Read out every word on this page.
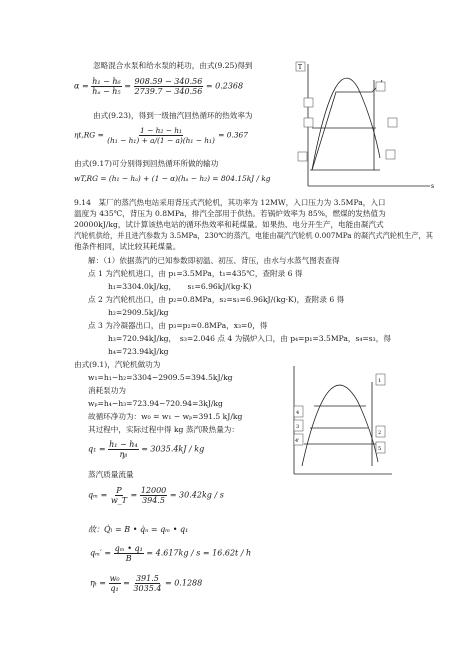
忽略混合水泵和给水泵的耗功，由式(9.25)得到
$\alpha = \frac{\text{h₁ − h₆}}{\text{hₐ − h₅}} = \frac{908.59 - 340.56}{2739.7 - 340.56} = 0.2368$
由式(9.23)，得到一级抽汽回热循环的热效率为
$\eta t,RG = \frac{\text{1 − h₂ − h₁}}{\text{(h₁ − h₁) + a/(1 − a)(h₁ − h₁)}} = 0.367$
由式(9.17)可分别得到回热循环所做的输功
wT,RG = (h₁ − hₐ) + (1 − α)(hₐ − h₂) = 804.15kJ / kg
T
s
9.14　某厂的蒸汽热电站采用背压式汽轮机，其功率为 12MW，入口压力为 3.5MPa，入口
温度为 435℃，背压为 0.8MPa，排汽全部用于供热。若锅炉效率为 85%，燃煤的发热值为
20000kJ/kg，试计算该热电站的循环热效率和耗煤量。如果热、电分开生产，电能由凝汽式
汽轮机供给，并且进汽参数为 3.5MPa，230℃的蒸汽，电能由凝汽汽轮机 0.007MPa 的凝汽式汽轮机生产，其
他条件相同，试比较其耗煤量。
解：（1）依据蒸汽的已知参数即初温、初压、背压，由水与水蒸气图表查得
点 1 为汽轮机进口，由 p₁=3.5MPa，t₁=435℃，查附录 6 得
h₁=3304.0kJ/kg，　　s₁=6.96kJ/(kg·K)
点 2 为汽轮机出口，由 p₂=0.8MPa，s₂=s₁=6.96kJ/(kg·K)，查附录 6 得
h₂=2909.5kJ/kg
点 3 为冷凝器出口，由 p₃=p₂=0.8MPa，x₃=0，得
h₃=720.94kJ/kg，　s₃=2.046 点 4 为锅炉入口，由 p₄=p₁=3.5MPa，s₄=s₃，得
h₄=723.94kJ/kg
由式(9.1)，汽轮机做功为
w₁=h₁−h₂=3304−2909.5=394.5kJ/kg
消耗泵功为
wₚ=h₄−h₃=723.94−720.94=3kJ/kg
故循环净功为：w₀ = w₁ − wₚ=391.5 kJ/kg
其过程中，实际过程中得 kg 蒸汽吸热量为：
$q_1 = \frac{\text{h₁ − h₄}}{\text{ηᵦ}} = 3035.4kJ$ / kg
蒸汽质量流量
$q_m = \frac{P}{w\_T} = \frac{12000}{394.5} = 30.42kg / s$
故：Q̇ₗ = B • q̇ₙ = qₘ • q₁
$q_m' = \frac{\text{qₘ • q₁}}{B} = 4.617kg / s = 16.62t / h$
$\eta_t = \frac{\text{w₀}}{\text{q₁}} = \frac{391.5}{3035.4} = 0.1288$
4
3
4'
1
2
5
